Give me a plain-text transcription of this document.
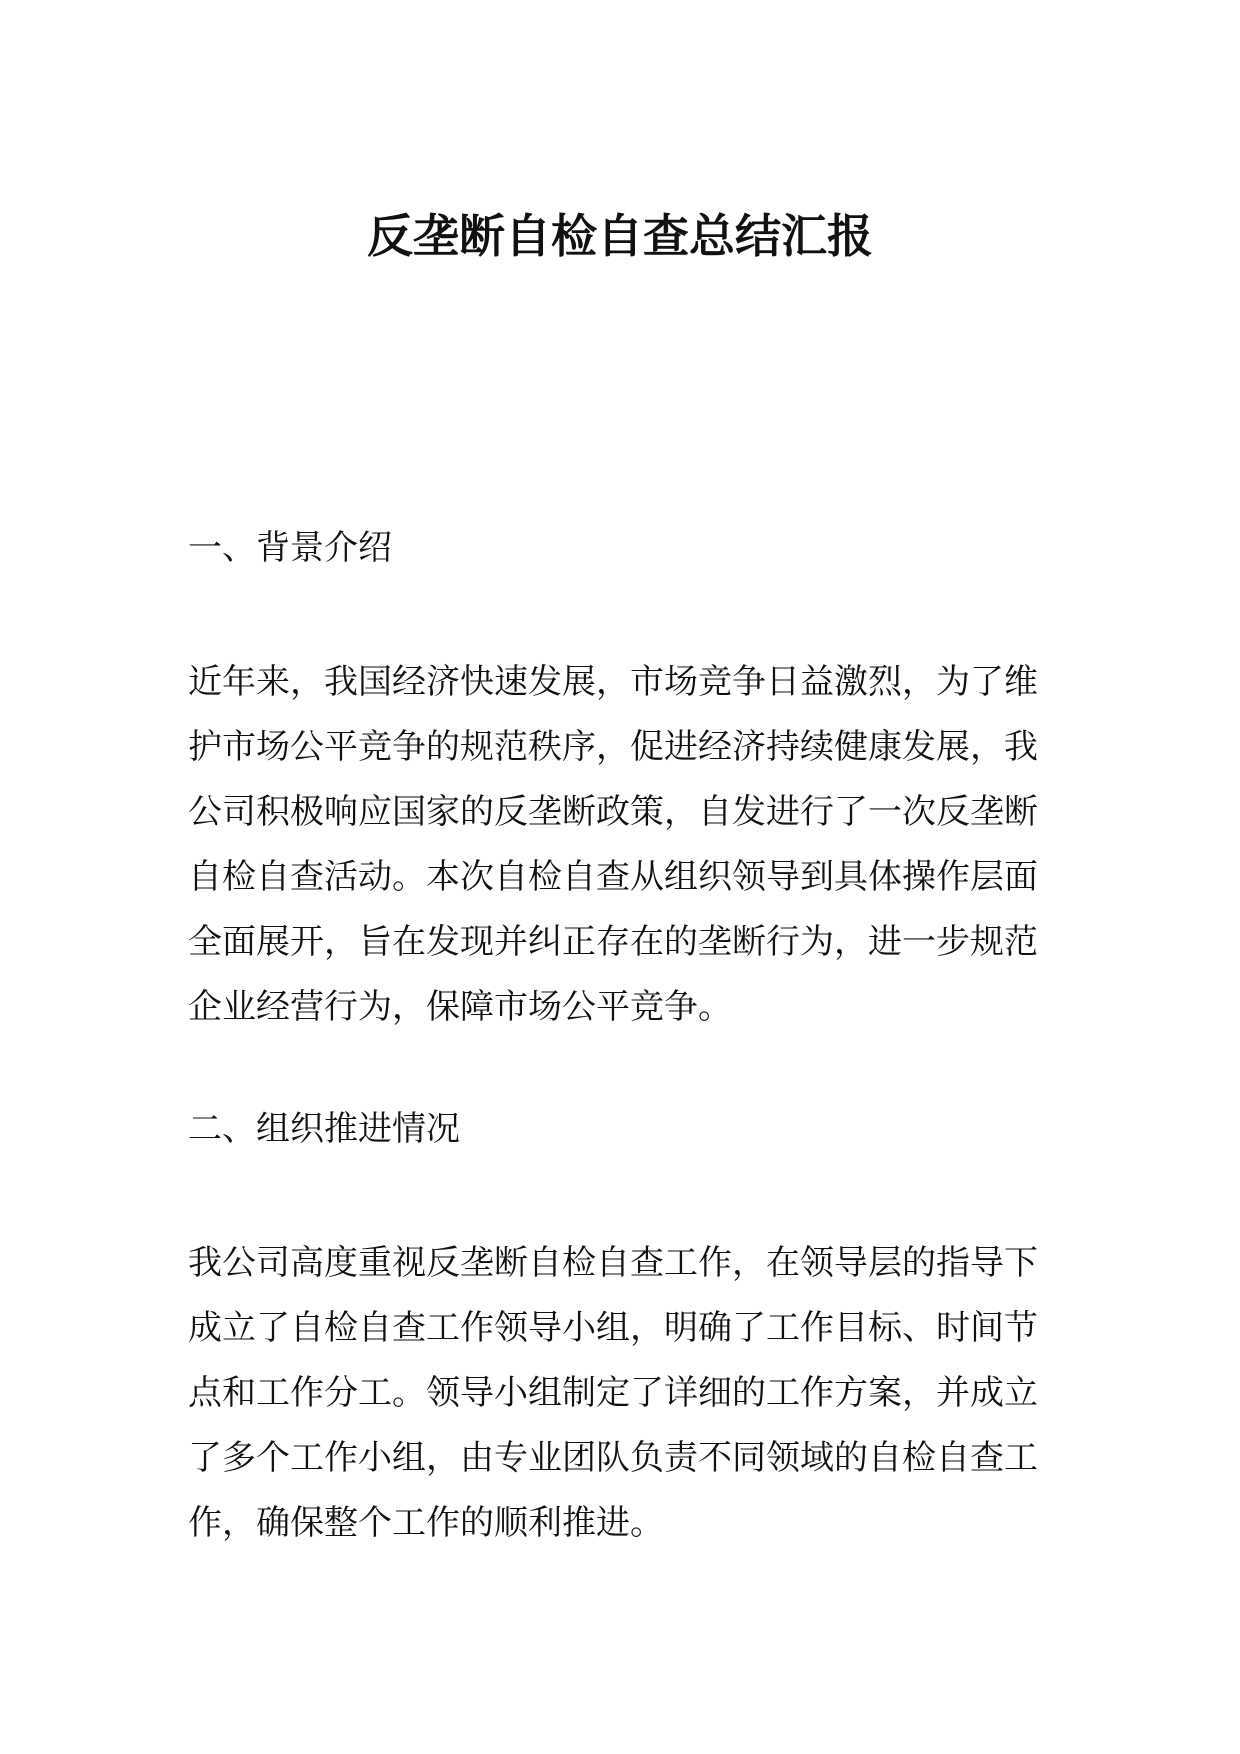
反垄断自检自查总结汇报
一、背景介绍
近年来，我国经济快速发展，市场竞争日益激烈，为了维
护市场公平竞争的规范秩序，促进经济持续健康发展，我
公司积极响应国家的反垄断政策，自发进行了一次反垄断
自检自查活动。本次自检自查从组织领导到具体操作层面
全面展开，旨在发现并纠正存在的垄断行为，进一步规范
企业经营行为，保障市场公平竞争。
二、组织推进情况
我公司高度重视反垄断自检自查工作，在领导层的指导下
成立了自检自查工作领导小组，明确了工作目标、时间节
点和工作分工。领导小组制定了详细的工作方案，并成立
了多个工作小组，由专业团队负责不同领域的自检自查工
作，确保整个工作的顺利推进。
